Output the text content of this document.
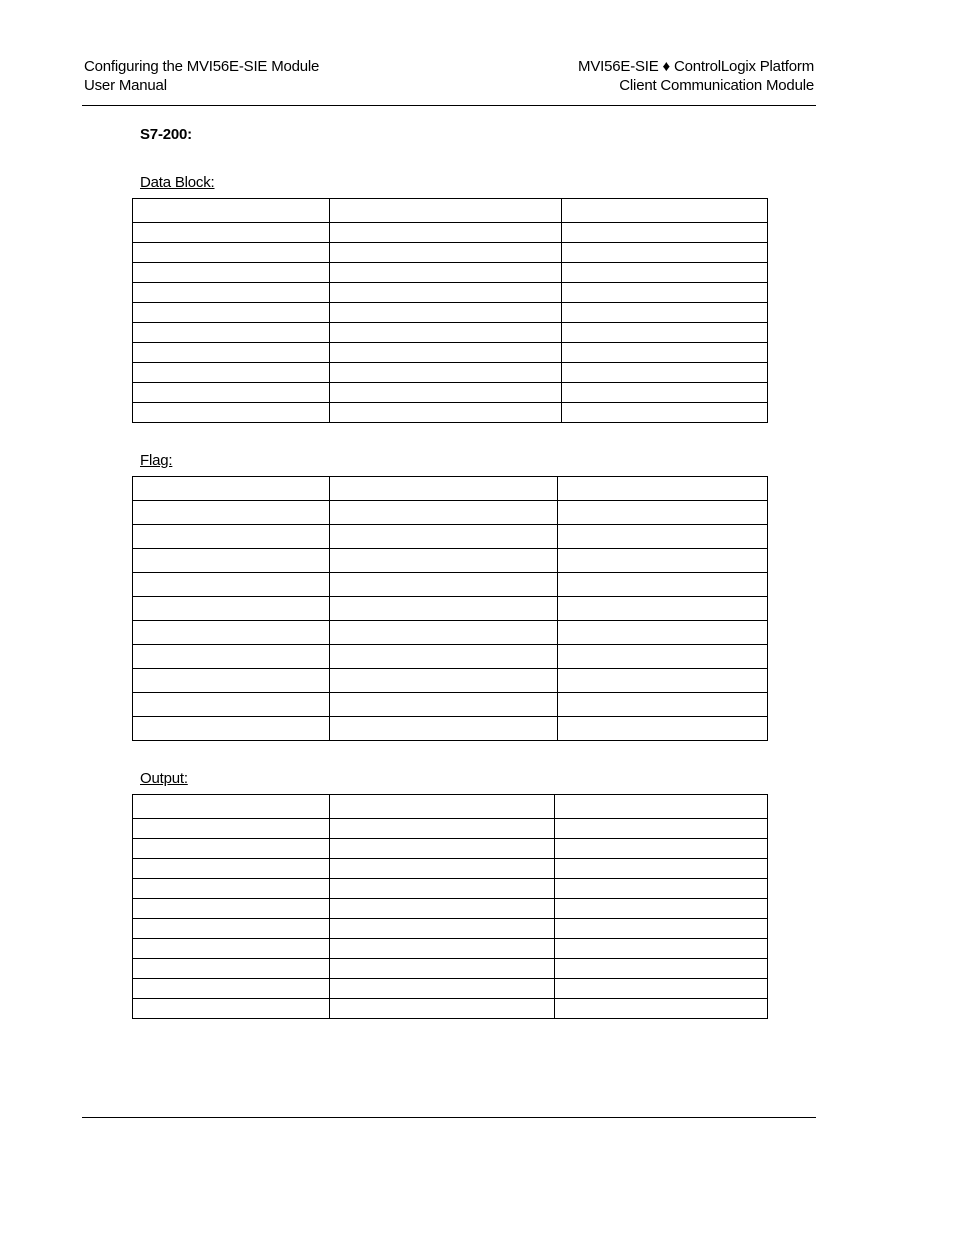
Configuring the MVI56E-SIE Module
User Manual
MVI56E-SIE ♦ ControlLogix Platform
Client Communication Module
S7-200:
Data Block:

Flag:

Output:
